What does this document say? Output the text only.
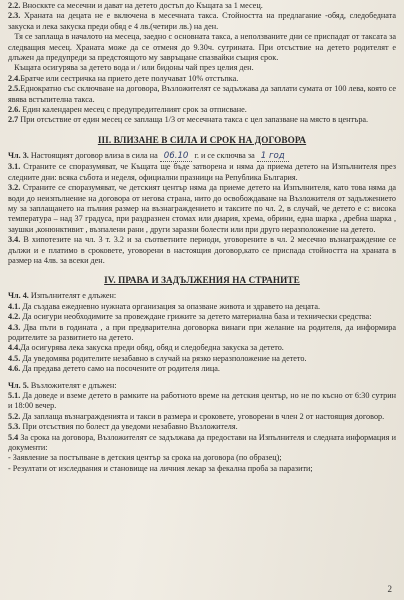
2.2. Вносккте са месечни и дават на детето достъп до Къщата за 1 месец.

2.3. Храната на децата не е включена в месечната такса. Стойността на предлагание -обяд, следобедната закуска и лека закуска преди обяд е 4 лв.(четири лв.) на ден.

Тя се заплаща в началото на месеца, заедно с основната такса, а неползваните дни се приспадат от таксата за следващия месец. Храната може да се отменя до 9.30ч. сутрината. При отсъствие на детето родителят е длъжен да предупреди за предстоящото му завръщане спазвайки същия срок.

Къщата осигурява за детето вода и / или бидоны чай през целия ден.

2.4.Братче или сестричка на приетo дете получават 10% отстъпка.

2.5.Еднократно със сключване на договора, Възложителят се задължава да заплати сумата от 100 лева, която се явява встъпителна такса.

2.6. Един календарен месец с предупредителният срок за отписване.

2.7 При отсъствие от един месец се заплаща 1/3 от месечната такса с цел запазване на място в центъра.

III. ВЛИЗАНЕ В СИЛА И СРОК НА ДОГОВОРА

Чл. 3. Настоящият договор влиза в сила на 06.10 г. и се сключва за 1 год

3.1. Страните се споразумяват, че Къщата ще бъде затворена и няма да приема детето на Изпълнителя през следните дни: всяка събота и неделя, официални празници на Република България.

3.2. Страните се споразумяват, че детският център няма да приеме детето на Изпълнителя, като това няма да води до неизпълнение на договора от негова страна, нито до освобождаване на Възложителя от задължението му за заплащането на пълния размер на възнаграждението и таксите по чл. 2, в случай, че детето е с: висока температура – над 37 градуса, при раздразнен стомах или диария, хрема, обрини, една шарка , дребна шарка , заушки ,конюнктивит , възпалени рани , други заразни болести или при друго неразположение на детето.

3.4. В хипотезите на чл. 3 т. 3.2 и за съответните периоди, уговорените в чл. 2 месечно възнаграждение се дължи и е платимо в сроковете, уговорени в настоящия договор,като се приспада стойността на храната в размер на 4лв. за всеки ден.

IV. ПРАВА И ЗАДЪЛЖЕНИЯ НА СТРАНИТЕ

Чл. 4. Изпълнителят е длъжен:

4.1. Да създава ежедневно нужната организация за опазване живота и здравето на децата.

4.2. Да осигури необходимите за провеждане грижите за детето материална база и технически средства:

4.3. Два пъти в годината , а при предварителна договорка винаги при желание на родителя, да информира родителите за развитието на детето.

4.4.Да осигурява лека закуска преди обяд, обяд и следобедна закуска за детето.

4.5. Да уведомява родителите незабавно в случай на рязко неразположение на детето.

4.6. Да предава детето само на посочените от родителя лица.

Чл. 5. Възложителят е длъжен:

5.1. Да доведе и вземе детето в рамките на работното време на детския център, но не по късно от 6:30 сутрин и 18:00 вечер.

5.2. Да заплаща възнагражденията и такси в размера и сроковете, уговорени в член 2 от настоящия договор.

5.3. При отсъствия по болест да уведоми незабавно Възложителя.

5.4 За срока на договора, Възложителят се задължава да предостави на Изпълнителя и следната информация и документи:

- Заявление за постъпване в детския център за срока на договора (по образец);

- Резултати от изследвания и становище на личния лекар за фекална проба за паразити;

2
